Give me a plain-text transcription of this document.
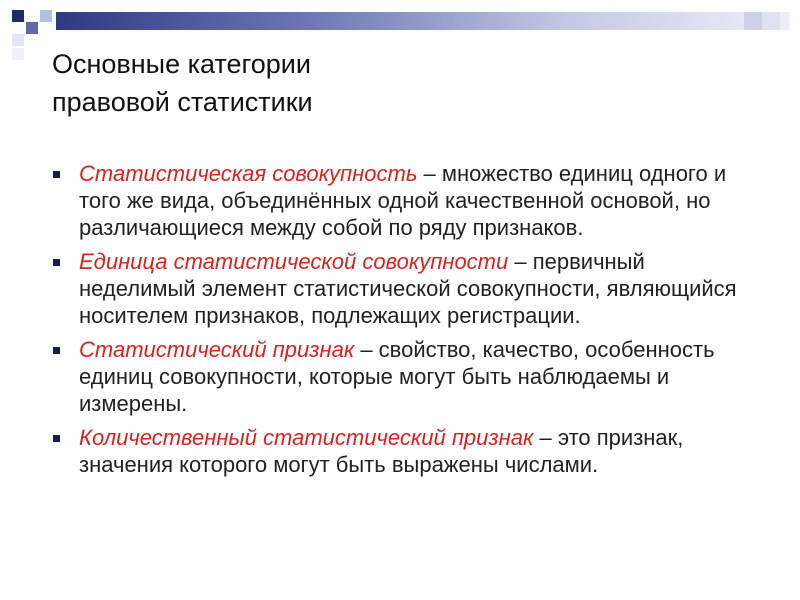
Основные категории
правовой статистики
Статистическая совокупность – множество единиц одного и того же вида, объединённых одной качественной основой, но различающиеся между собой по ряду признаков.
Единица статистической совокупности – первичный неделимый элемент статистической совокупности, являющийся носителем признаков, подлежащих регистрации.
Статистический признак – свойство, качество, особенность единиц совокупности, которые могут быть наблюдаемы и измерены.
Количественный статистический признак – это признак, значения которого могут быть выражены числами.
